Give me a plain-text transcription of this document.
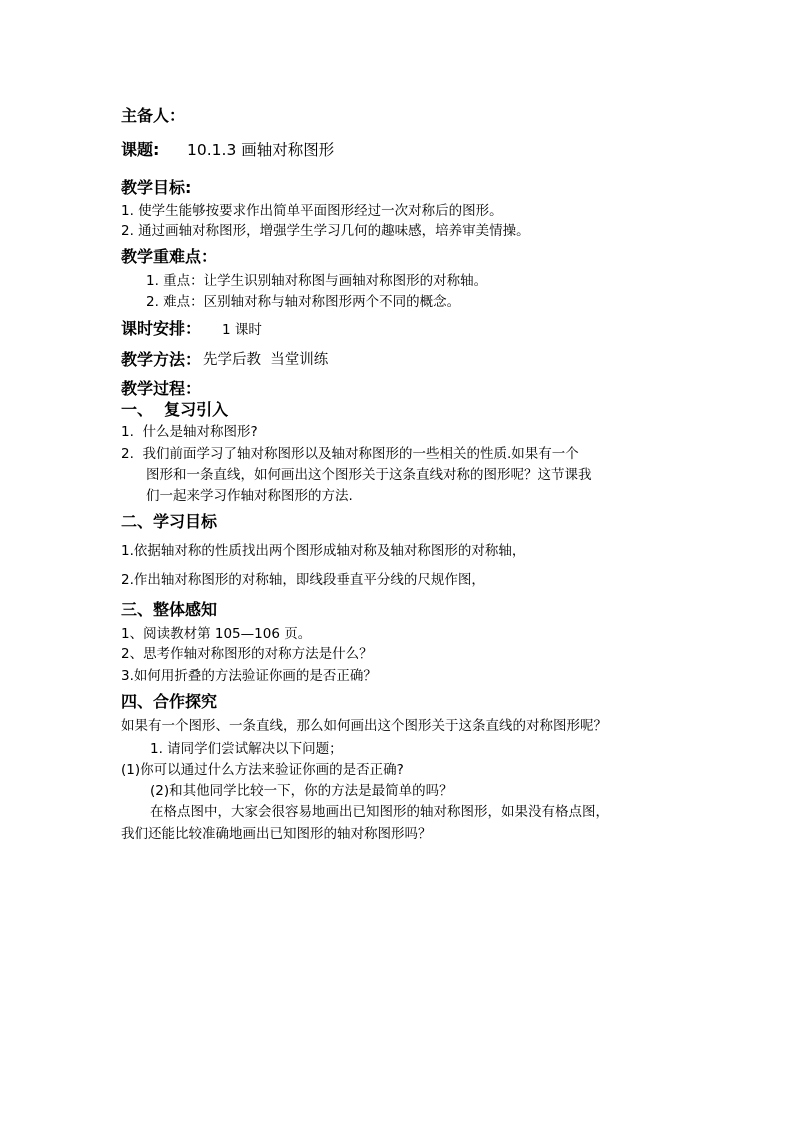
主备人：
课题: 10.1.3 画轴对称图形
教学目标:
1. 使学生能够按要求作出简单平面图形经过一次对称后的图形。
2. 通过画轴对称图形，增强学生学习几何的趣味感，培养审美情操。
教学重难点：
1. 重点：让学生识别轴对称图与画轴对称图形的对称轴。
2. 难点：区别轴对称与轴对称图形两个不同的概念。
课时安排： 1 课时
教学方法： 先学后教  当堂训练
教学过程：
一、  复习引入
1.  什么是轴对称图形?
2.  我们前面学习了轴对称图形以及轴对称图形的一些相关的性质.如果有一个
图形和一条直线，如何画出这个图形关于这条直线对称的图形呢？这节课我
们一起来学习作轴对称图形的方法.
二、学习目标
1.依据轴对称的性质找出两个图形成轴对称及轴对称图形的对称轴，
2.作出轴对称图形的对称轴，即线段垂直平分线的尺规作图，
三、整体感知
1、阅读教材第 105—106 页。
2、思考作轴对称图形的对称方法是什么？
3.如何用折叠的方法验证你画的是否正确？
四、合作探究
如果有一个图形、一条直线，那么如何画出这个图形关于这条直线的对称图形呢？
1. 请同学们尝试解决以下问题；
(1)你可以通过什么方法来验证你画的是否正确?
(2)和其他同学比较一下，你的方法是最简单的吗？
在格点图中，大家会很容易地画出已知图形的轴对称图形，如果没有格点图，
我们还能比较准确地画出已知图形的轴对称图形吗？
